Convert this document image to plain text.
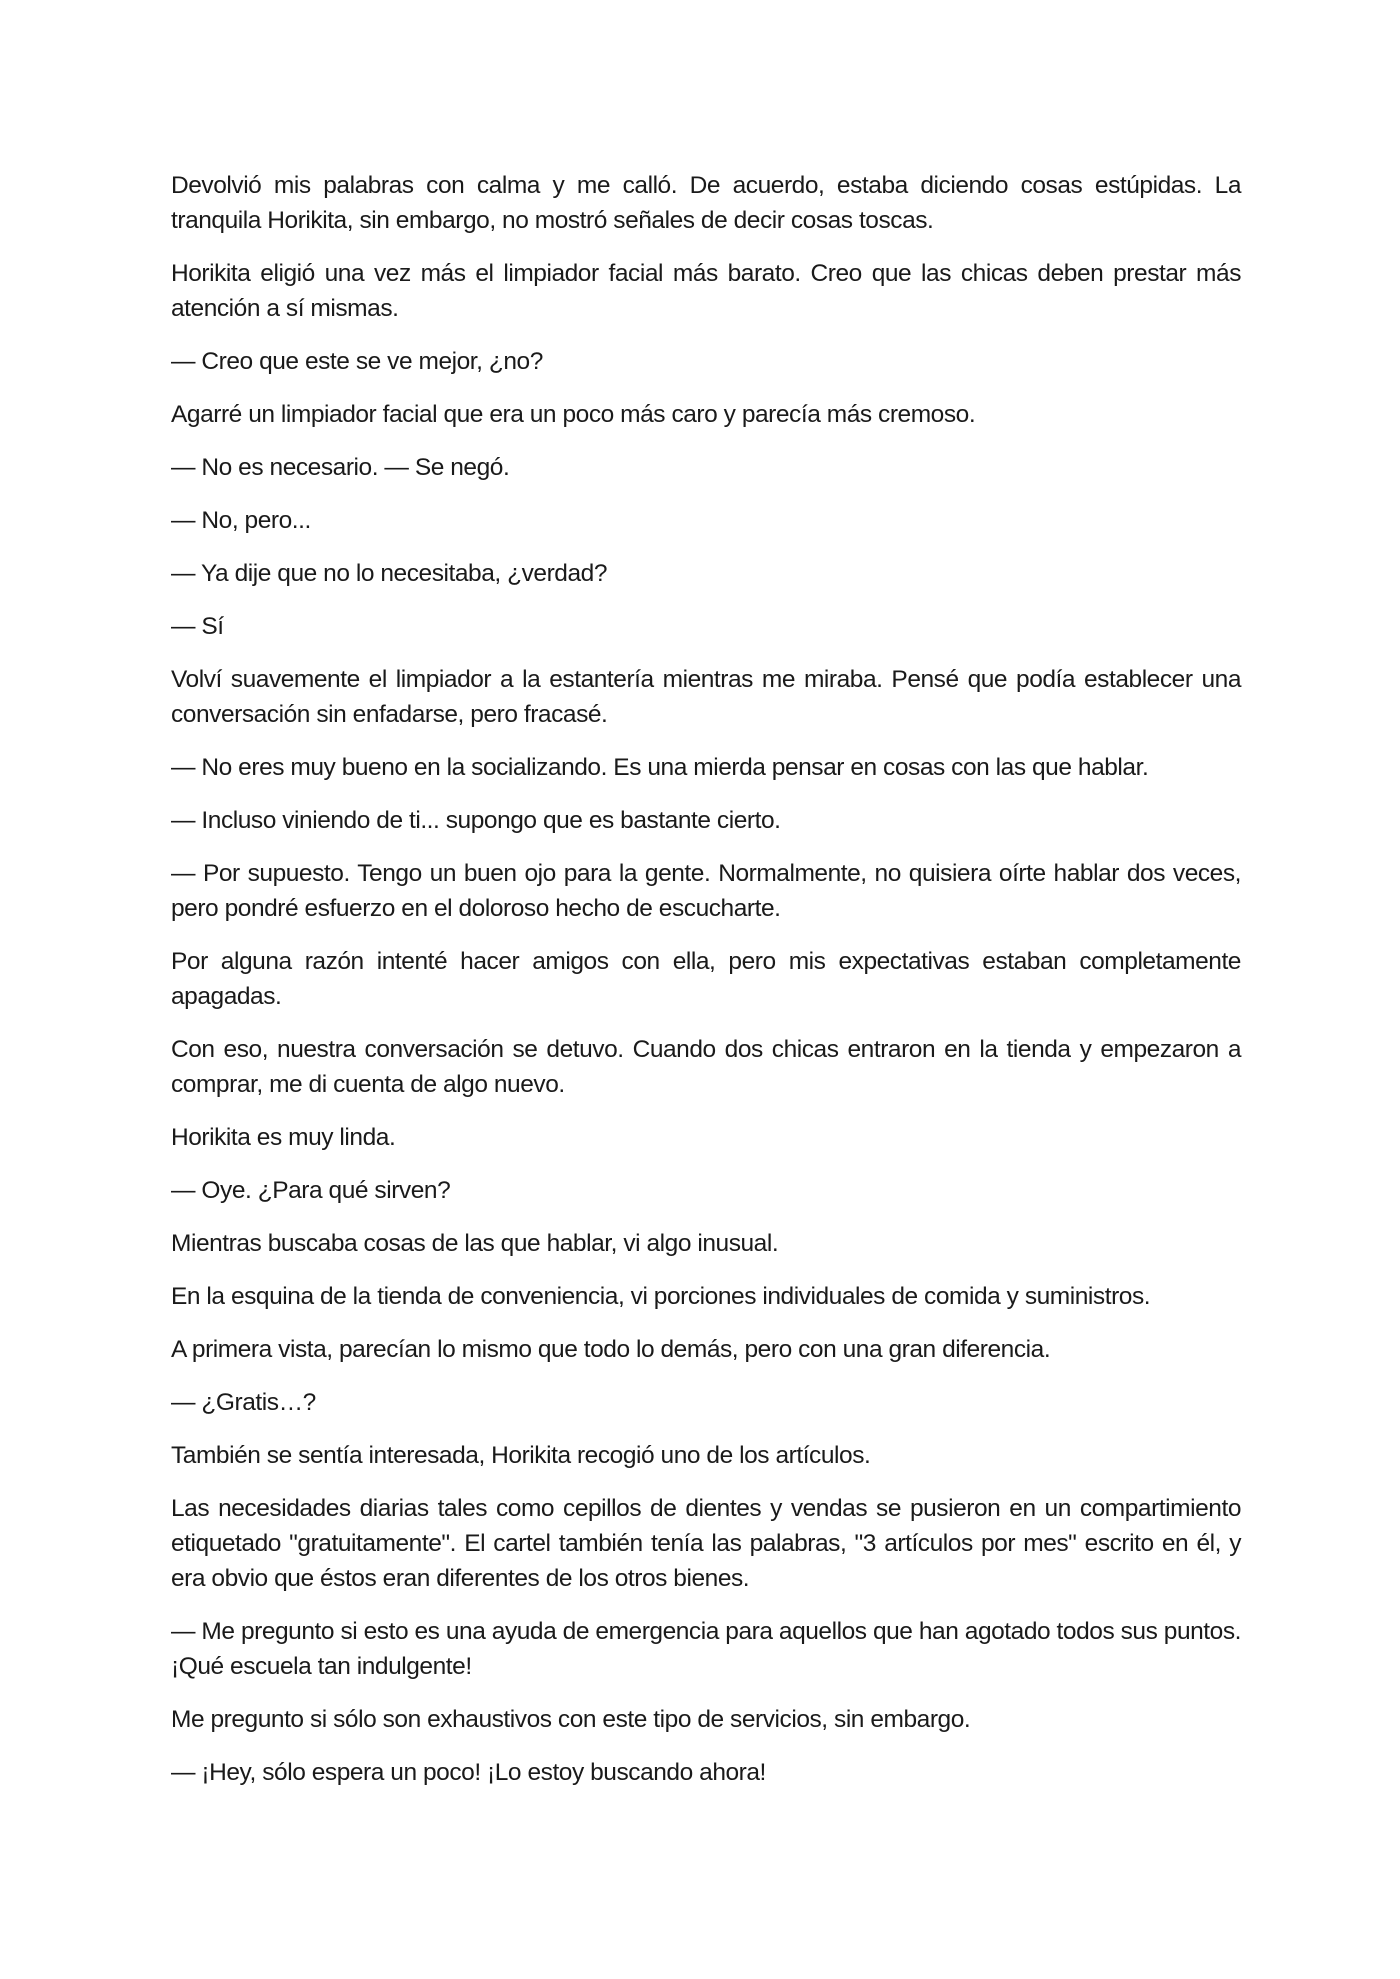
Devolvió mis palabras con calma y me calló. De acuerdo, estaba diciendo cosas estúpidas. La tranquila Horikita, sin embargo, no mostró señales de decir cosas toscas.

Horikita eligió una vez más el limpiador facial más barato. Creo que las chicas deben prestar más atención a sí mismas.

— Creo que este se ve mejor, ¿no?

Agarré un limpiador facial que era un poco más caro y parecía más cremoso.

— No es necesario. — Se negó.

— No, pero...

— Ya dije que no lo necesitaba, ¿verdad?

— Sí

Volví suavemente el limpiador a la estantería mientras me miraba. Pensé que podía establecer una conversación sin enfadarse, pero fracasé.

— No eres muy bueno en la socializando. Es una mierda pensar en cosas con las que hablar.

— Incluso viniendo de ti... supongo que es bastante cierto.

— Por supuesto. Tengo un buen ojo para la gente. Normalmente, no quisiera oírte hablar dos veces, pero pondré esfuerzo en el doloroso hecho de escucharte.

Por alguna razón intenté hacer amigos con ella, pero mis expectativas estaban completamente apagadas.

Con eso, nuestra conversación se detuvo. Cuando dos chicas entraron en la tienda y empezaron a comprar, me di cuenta de algo nuevo.

Horikita es muy linda.

— Oye. ¿Para qué sirven?

Mientras buscaba cosas de las que hablar, vi algo inusual.

En la esquina de la tienda de conveniencia, vi porciones individuales de comida y suministros.

A primera vista, parecían lo mismo que todo lo demás, pero con una gran diferencia.

— ¿Gratis…?

También se sentía interesada, Horikita recogió uno de los artículos.

Las necesidades diarias tales como cepillos de dientes y vendas se pusieron en un compartimiento etiquetado "gratuitamente". El cartel también tenía las palabras, "3 artículos por mes" escrito en él, y era obvio que éstos eran diferentes de los otros bienes.

— Me pregunto si esto es una ayuda de emergencia para aquellos que han agotado todos sus puntos. ¡Qué escuela tan indulgente!

Me pregunto si sólo son exhaustivos con este tipo de servicios, sin embargo.

— ¡Hey, sólo espera un poco! ¡Lo estoy buscando ahora!
